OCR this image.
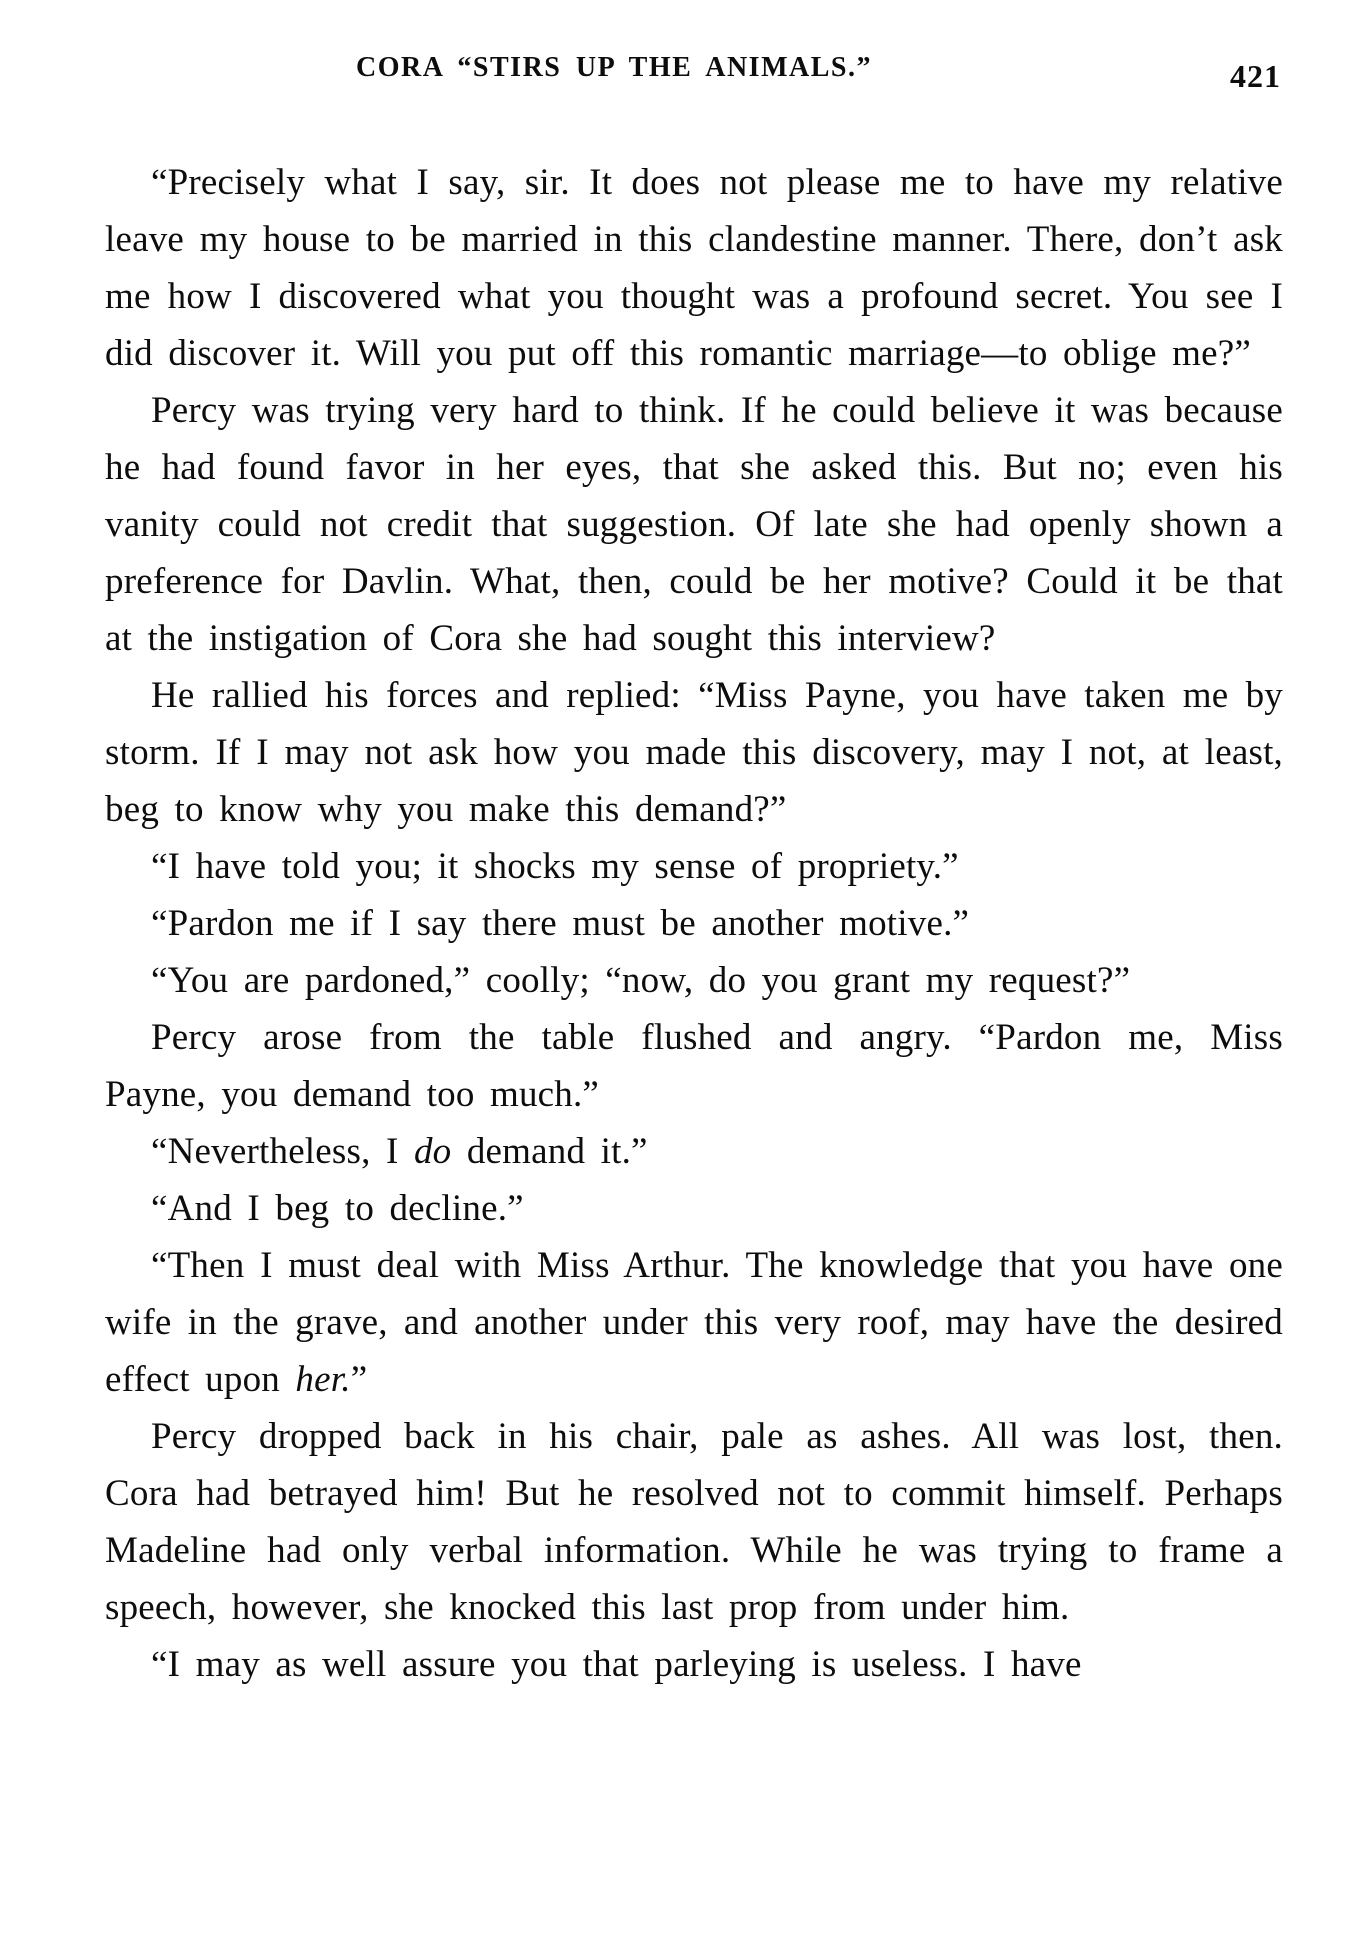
CORA “STIRS UP THE ANIMALS.”	421

“Precisely what I say, sir. It does not please me to have my relative leave my house to be married in this clandestine manner. There, don’t ask me how I discovered what you thought was a profound secret. You see I did discover it. Will you put off this romantic marriage—to oblige me?”

Percy was trying very hard to think. If he could believe it was because he had found favor in her eyes, that she asked this. But no; even his vanity could not credit that suggestion. Of late she had openly shown a preference for Davlin. What, then, could be her motive? Could it be that at the instigation of Cora she had sought this interview?

He rallied his forces and replied: “Miss Payne, you have taken me by storm. If I may not ask how you made this discovery, may I not, at least, beg to know why you make this demand?”

“I have told you; it shocks my sense of propriety.”

“Pardon me if I say there must be another motive.”

“You are pardoned,” coolly; “now, do you grant my request?”

Percy arose from the table flushed and angry. “Pardon me, Miss Payne, you demand too much.”

“Nevertheless, I do demand it.”

“And I beg to decline.”

“Then I must deal with Miss Arthur. The knowledge that you have one wife in the grave, and another under this very roof, may have the desired effect upon her.”

Percy dropped back in his chair, pale as ashes. All was lost, then. Cora had betrayed him! But he resolved not to commit himself. Perhaps Madeline had only verbal information. While he was trying to frame a speech, however, she knocked this last prop from under him.

“I may as well assure you that parleying is useless. I have
